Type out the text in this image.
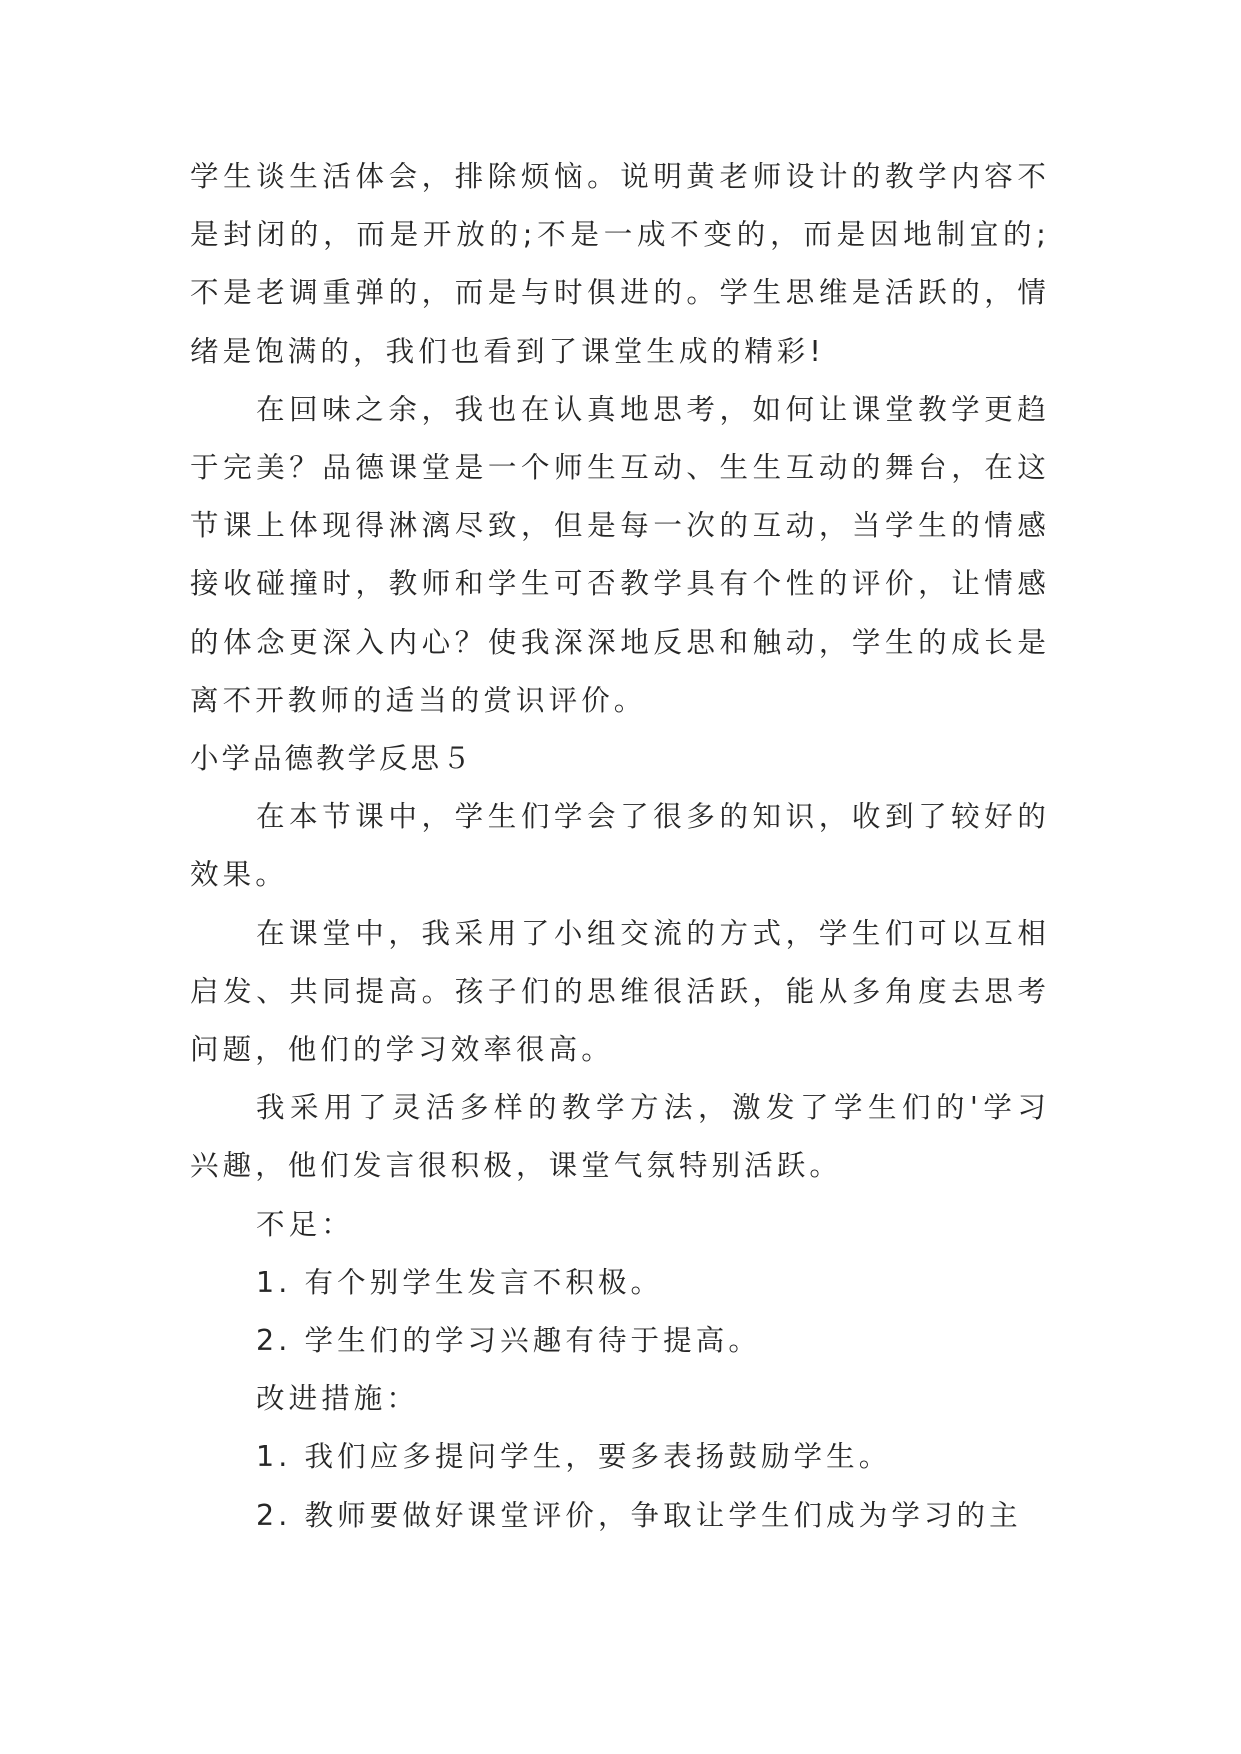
学生谈生活体会，排除烦恼。说明黄老师设计的教学内容不是封闭的，而是开放的;不是一成不变的，而是因地制宜的;不是老调重弹的，而是与时俱进的。学生思维是活跃的，情绪是饱满的，我们也看到了课堂生成的精彩!

在回味之余，我也在认真地思考，如何让课堂教学更趋于完美？品德课堂是一个师生互动、生生互动的舞台，在这节课上体现得淋漓尽致，但是每一次的互动，当学生的情感接收碰撞时，教师和学生可否教学具有个性的评价，让情感的体念更深入内心？使我深深地反思和触动，学生的成长是离不开教师的适当的赏识评价。

小学品德教学反思５

在本节课中，学生们学会了很多的知识，收到了较好的效果。

在课堂中，我采用了小组交流的方式，学生们可以互相启发、共同提高。孩子们的思维很活跃，能从多角度去思考问题，他们的学习效率很高。

我采用了灵活多样的教学方法，激发了学生们的'学习兴趣，他们发言很积极，课堂气氛特别活跃。

不足：

1. 有个别学生发言不积极。

2. 学生们的学习兴趣有待于提高。

改进措施：

1. 我们应多提问学生，要多表扬鼓励学生。

2. 教师要做好课堂评价，争取让学生们成为学习的主
